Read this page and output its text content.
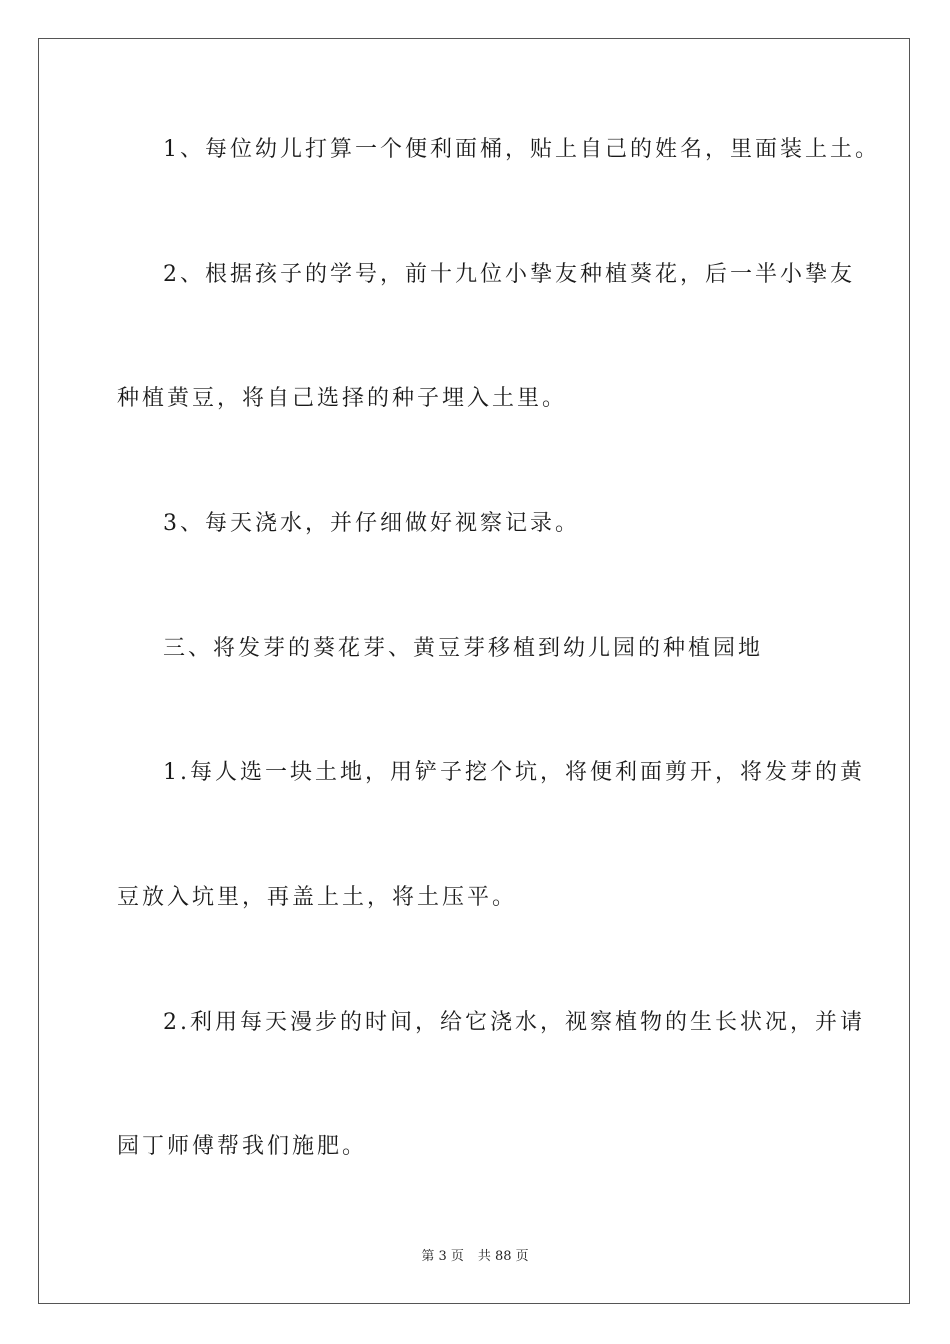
1、每位幼儿打算一个便利面桶，贴上自己的姓名，里面装上土。
2、根据孩子的学号，前十九位小挚友种植葵花，后一半小挚友
种植黄豆，将自己选择的种子埋入土里。
3、每天浇水，并仔细做好视察记录。
三、将发芽的葵花芽、黄豆芽移植到幼儿园的种植园地
1.每人选一块土地，用铲子挖个坑，将便利面剪开，将发芽的黄
豆放入坑里，再盖上土，将土压平。
2.利用每天漫步的时间，给它浇水，视察植物的生长状况，并请
园丁师傅帮我们施肥。
第 3 页 共 88 页
